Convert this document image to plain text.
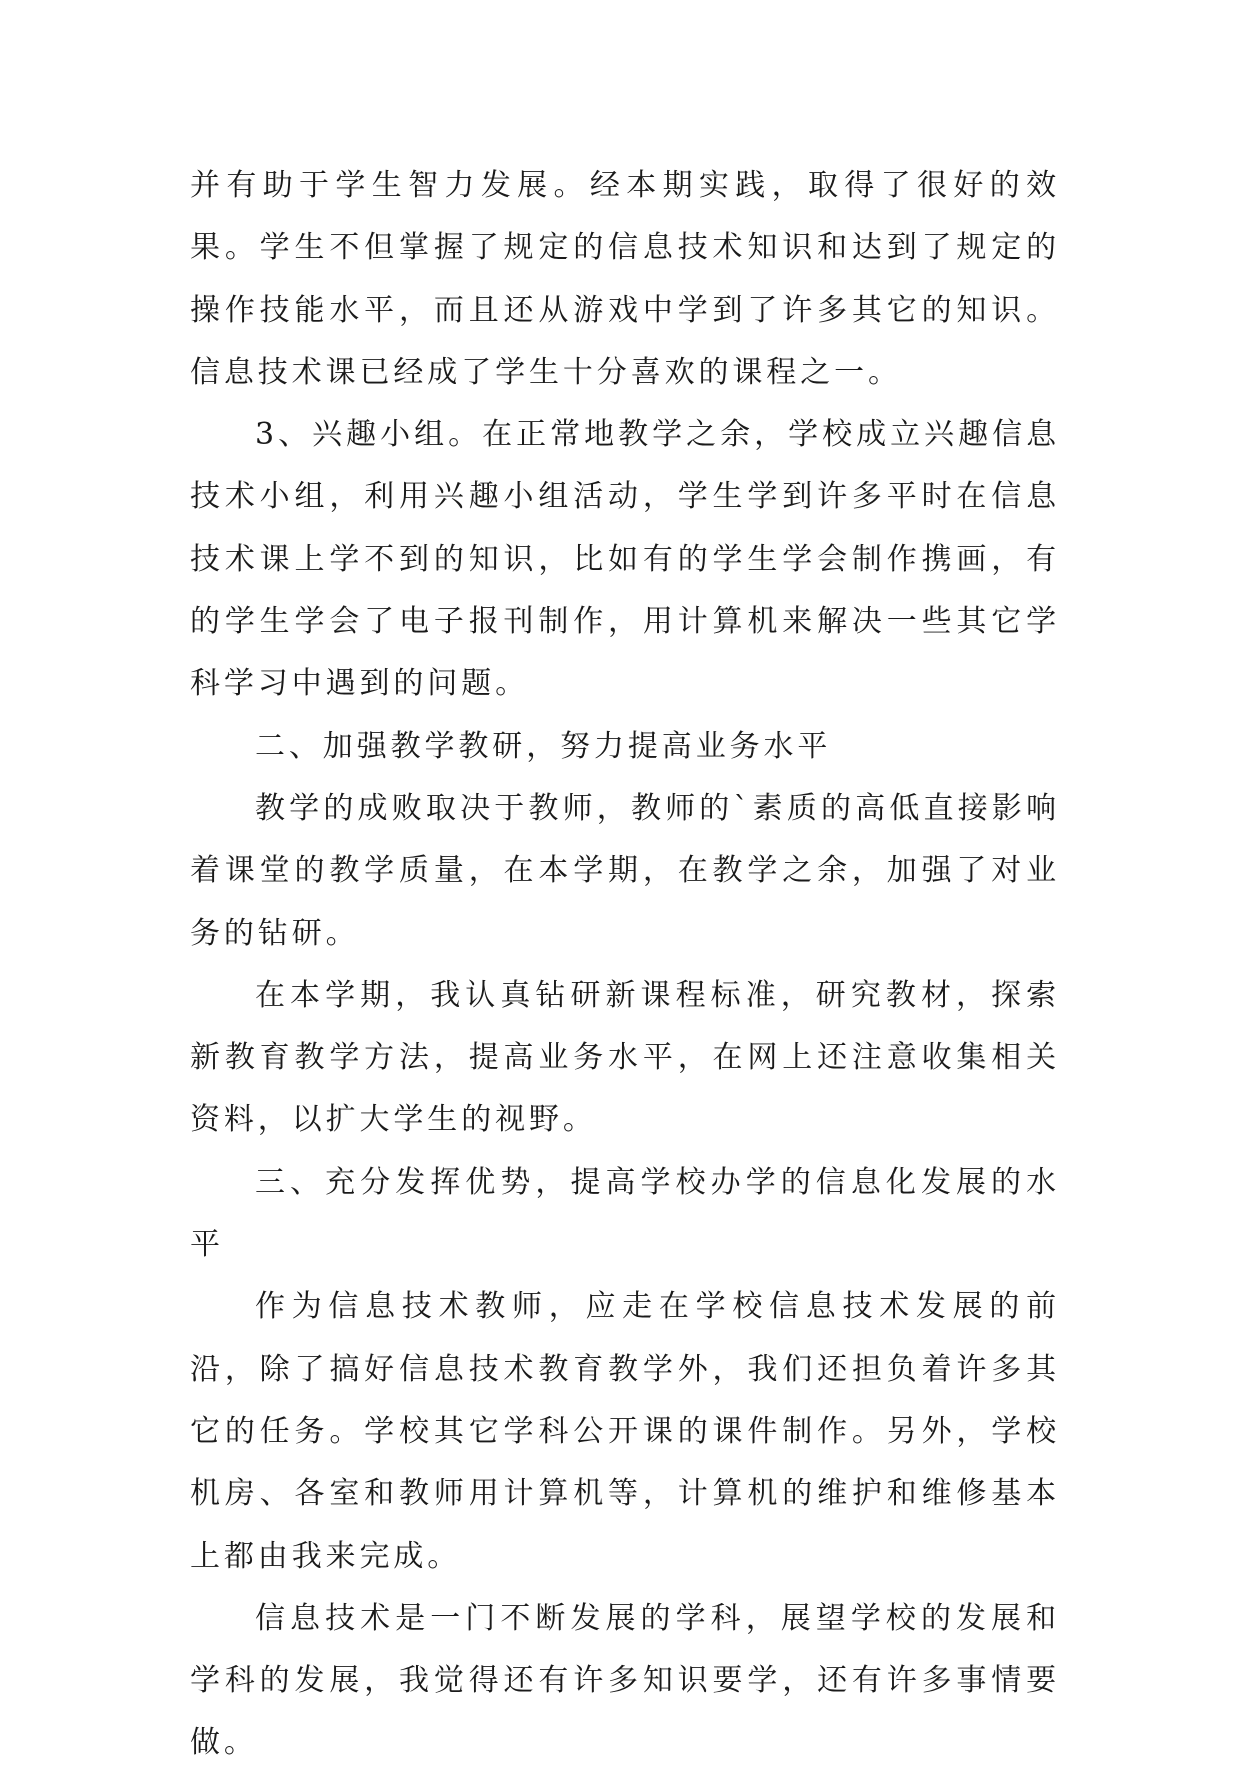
并有助于学生智力发展。经本期实践，取得了很好的效果。学生不但掌握了规定的信息技术知识和达到了规定的操作技能水平，而且还从游戏中学到了许多其它的知识。信息技术课已经成了学生十分喜欢的课程之一。

3、兴趣小组。在正常地教学之余，学校成立兴趣信息技术小组，利用兴趣小组活动，学生学到许多平时在信息技术课上学不到的知识，比如有的学生学会制作携画，有的学生学会了电子报刊制作，用计算机来解决一些其它学科学习中遇到的问题。

二、加强教学教研，努力提高业务水平

教学的成败取决于教师，教师的`素质的高低直接影响着课堂的教学质量，在本学期，在教学之余，加强了对业务的钻研。

在本学期，我认真钻研新课程标准，研究教材，探索新教育教学方法，提高业务水平，在网上还注意收集相关资料，以扩大学生的视野。

三、充分发挥优势，提高学校办学的信息化发展的水平

作为信息技术教师，应走在学校信息技术发展的前沿，除了搞好信息技术教育教学外，我们还担负着许多其它的任务。学校其它学科公开课的课件制作。另外，学校机房、各室和教师用计算机等，计算机的维护和维修基本上都由我来完成。

信息技术是一门不断发展的学科，展望学校的发展和学科的发展，我觉得还有许多知识要学，还有许多事情要做。
